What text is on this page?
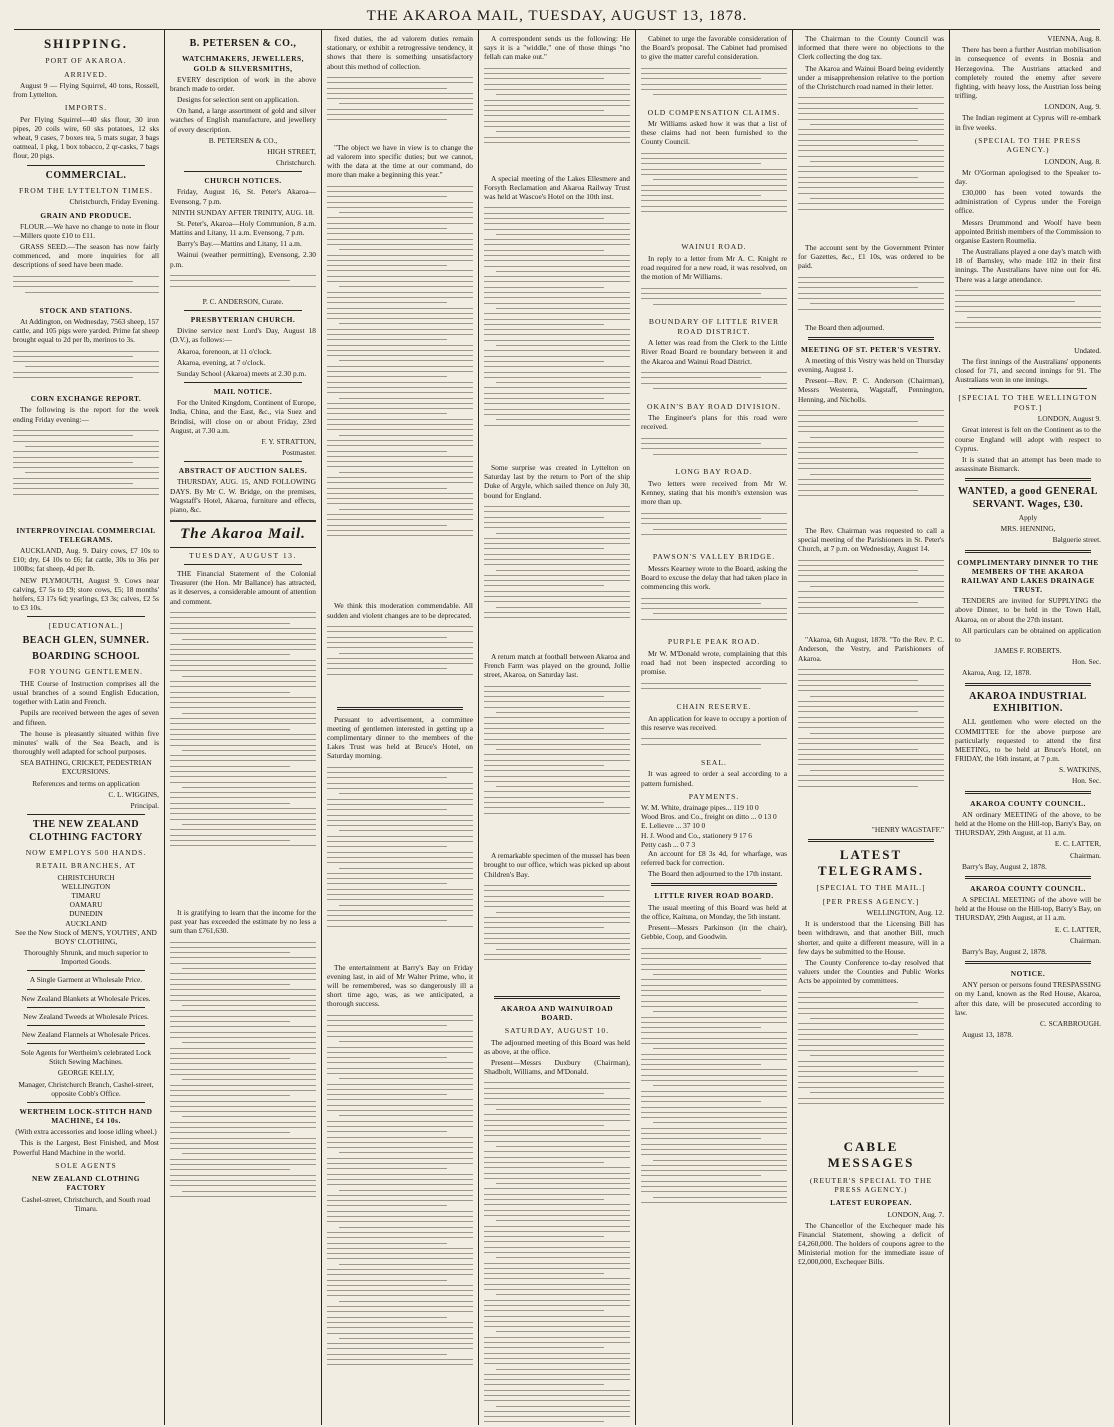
THE AKAROA MAIL, TUESDAY, AUGUST 13, 1878.
SHIPPING.
PORT OF AKAROA.
ARRIVED.

August 9 — Flying Squirrel, 40 tons, Rossell, from Lyttelton.

IMPORTS.

Per Flying Squirrel—40 sks flour, 30 iron pipes, 20 coils wire, 60 sks potatoes, 12 sks wheat, 9 cases, 7 boxes tea, 5 mats sugar, 3 bags oatmeal, 1 pkg, 1 box tobacco, 2 qr-casks, 7 bags flour, 20 pigs.

COMMERCIAL.
FROM THE LYTTELTON TIMES.

Christchurch, Friday Evening.

GRAIN AND PRODUCE.

FLOUR.—We have no change to note in flour—Millers quote £10 to £11.

GRASS SEED.—The season has now fairly commenced, and more inquiries for all descriptions of seed have been made.

STOCK AND STATIONS.

At Addington, on Wednesday, 7563 sheep, 157 cattle, and 105 pigs were yarded. Prime fat sheep brought equal to 2d per lb, merinos to 3s.

CORN EXCHANGE REPORT.

The following is the report for the week ending Friday evening:—

INTERPROVINCIAL COMMERCIAL TELEGRAMS.

AUCKLAND, Aug. 9. Dairy cows, £7 10s to £10; dry, £4 10s to £6; fat cattle, 30s to 36s per 100lbs; fat sheep, 4d per lb.

NEW PLYMOUTH, August 9. Cows near calving, £7 5s to £9; store cows, £5; 18 months' heifers, £3 17s 6d; yearlings, £3 3s; calves, £2 5s to £3 10s.

[EDUCATIONAL.]
BEACH GLEN, SUMNER.
BOARDING SCHOOL
FOR YOUNG GENTLEMEN.

THE Course of Instruction comprises all the usual branches of a sound English Education, together with Latin and French.

Pupils are received between the ages of seven and fifteen.

The house is pleasantly situated within five minutes' walk of the Sea Beach, and is thoroughly well adapted for school purposes.

SEA BATHING, CRICKET, PEDESTRIAN EXCURSIONS.

References and terms on application

C. L. WIGGINS,

Principal.

THE NEW ZEALAND CLOTHING FACTORY
NOW EMPLOYS 500 HANDS.
RETAIL BRANCHES, AT
CHRISTCHURCH
WELLINGTON
TIMARU
OAMARU
DUNEDIN
AUCKLAND

See the New Stock of MEN'S, YOUTHS', AND BOYS' CLOTHING,

Thoroughly Shrunk, and much superior to Imported Goods.

A Single Garment at Wholesale Price.

New Zealand Blankets at Wholesale Prices.

New Zealand Tweeds at Wholesale Prices.

New Zealand Flannels at Wholesale Prices.

Sole Agents for Wertheim's celebrated Lock Stitch Sewing Machines.

GEORGE KELLY,

Manager, Christchurch Branch, Cashel-street, opposite Cobb's Office.

WERTHEIM LOCK-STITCH HAND MACHINE, £4 10s.

(With extra accessories and loose idling wheel.)

This is the Largest, Best Finished, and Most Powerful Hand Machine in the world.

SOLE AGENTS
NEW ZEALAND CLOTHING FACTORY

Cashel-street, Christchurch, and South road Timaru.

B. PETERSEN & CO.,
WATCHMAKERS, JEWELLERS, GOLD & SILVERSMITHS,

EVERY description of work in the above branch made to order.

Designs for selection sent on application.

On hand, a large assortment of gold and silver watches of English manufacture, and jewellery of every description.

B. PETERSEN & CO.,

HIGH STREET,

Christchurch.

CHURCH NOTICES.

Friday, August 16, St. Peter's Akaroa—Evensong, 7 p.m.

NINTH SUNDAY AFTER TRINITY, AUG. 18.

St. Peter's, Akaroa—Holy Communion, 8 a.m. Mattins and Litany, 11 a.m. Evensong, 7 p.m.

Barry's Bay.—Mattins and Litany, 11 a.m.

Wainui (weather permitting), Evensong, 2.30 p.m.

P. C. ANDERSON, Curate.

PRESBYTERIAN CHURCH.

Divine service next Lord's Day, August 18 (D.V.), as follows:—

Akaroa, forenoon, at 11 o'clock.

Akaroa, evening, at 7 o'clock.

Sunday School (Akaroa) meets at 2.30 p.m.

MAIL NOTICE.

For the United Kingdom, Continent of Europe, India, China, and the East, &c., via Suez and Brindisi, will close on or about Friday, 23rd August, at 7.30 a.m.

F. Y. STRATTON,

Postmaster.

ABSTRACT OF AUCTION SALES.

THURSDAY, AUG. 15, AND FOLLOWING DAYS. By Mr C. W. Bridge, on the premises, Wagstaff's Hotel, Akaroa, furniture and effects, piano, &c.

The Akaroa Mail.
TUESDAY, AUGUST 13.

THE Financial Statement of the Colonial Treasurer (the Hon. Mr Ballance) has attracted, as it deserves, a considerable amount of attention and comment.

It is gratifying to learn that the income for the past year has exceeded the estimate by no less a sum than £761,630.

fixed duties, the ad valorem duties remain stationary, or exhibit a retrogressive tendency, it shows that there is something unsatisfactory about this method of collection.

"The object we have in view is to change the ad valorem into specific duties; but we cannot, with the data at the time at our command, do more than make a beginning this year."

We think this moderation commendable. All sudden and violent changes are to be deprecated.

Pursuant to advertisement, a committee meeting of gentlemen interested in getting up a complimentary dinner to the members of the Lakes Trust was held at Bruce's Hotel, on Saturday morning.

The entertainment at Barry's Bay on Friday evening last, in aid of Mr Walter Prime, who, it will be remembered, was so dangerously ill a short time ago, was, as we anticipated, a thorough success.

A correspondent sends us the following: He says it is a "widdle," one of those things "no fellah can make out."

A special meeting of the Lakes Ellesmere and Forsyth Reclamation and Akaroa Railway Trust was held at Wascoe's Hotel on the 10th inst.

Some surprise was created in Lyttelton on Saturday last by the return to Port of the ship Duke of Argyle, which sailed thence on July 30, bound for England.

A return match at football between Akaroa and French Farm was played on the ground, Jollie street, Akaroa, on Saturday last.

A remarkable specimen of the mussel has been brought to our office, which was picked up about Children's Bay.

AKAROA AND WAINUIROAD BOARD.
SATURDAY, AUGUST 10.

The adjourned meeting of this Board was held as above, at the office.

Present—Messrs Duxbury (Chairman), Shadbolt, Williams, and M'Donald.

Cabinet to urge the favorable consideration of the Board's proposal. The Cabinet had promised to give the matter careful consideration.

OLD COMPENSATION CLAIMS.

Mr Williams asked how it was that a list of these claims had not been furnished to the County Council.

WAINUI ROAD.

In reply to a letter from Mr A. C. Knight re road required for a new road, it was resolved, on the motion of Mr Williams.

BOUNDARY OF LITTLE RIVER ROAD DISTRICT.

A letter was read from the Clerk to the Little River Road Board re boundary between it and the Akaroa and Wainui Road District.

OKAIN'S BAY ROAD DIVISION.

The Engineer's plans for this road were received.

LONG BAY ROAD.

Two letters were received from Mr W. Kenney, stating that his month's extension was more than up.

PAWSON'S VALLEY BRIDGE.

Messrs Kearney wrote to the Board, asking the Board to excuse the delay that had taken place in commencing this work.

PURPLE PEAK ROAD.

Mr W. M'Donald wrote, complaining that this road had not been inspected according to promise.

CHAIN RESERVE.

An application for leave to occupy a portion of this reserve was received.

SEAL.

It was agreed to order a seal according to a pattern furnished.

PAYMENTS.
W. M. White, drainage pipes... 119 10 0
Wood Bros. and Co., freight on ditto ... 0 13 0
E. Lelievre ... 37 10 0
H. J. Wood and Co., stationery 9 17 6
Petty cash ... 0 7 3

An account for £8 3s 4d, for wharfage, was referred back for correction.

The Board then adjourned to the 17th instant.

LITTLE RIVER ROAD BOARD.

The usual meeting of this Board was held at the office, Kaituna, on Monday, the 5th instant.

Present—Messrs Parkinson (in the chair), Gebbie, Coop, and Goodwin.

The Chairman to the County Council was informed that there were no objections to the Clerk collecting the dog tax.

The Akaroa and Wainui Board being evidently under a misapprehension relative to the portion of the Christchurch road named in their letter.

The account sent by the Government Printer for Gazettes, &c., £1 10s, was ordered to be paid.

The Board then adjourned.

MEETING OF ST. PETER'S VESTRY.

A meeting of this Vestry was held on Thursday evening, August 1.

Present—Rev. P. C. Anderson (Chairman), Messrs Westenra, Wagstaff, Pennington, Henning, and Nicholls.

The Rev. Chairman was requested to call a special meeting of the Parishioners in St. Peter's Church, at 7 p.m. on Wednesday, August 14.

"Akaroa, 6th August, 1878. "To the Rev. P. C. Anderson, the Vestry, and Parishioners of Akaroa.

"HENRY WAGSTAFF."

LATEST TELEGRAMS.
[SPECIAL TO THE MAIL.]
[PER PRESS AGENCY.]

WELLINGTON, Aug. 12.

It is understood that the Licensing Bill has been withdrawn, and that another Bill, much shorter, and quite a different measure, will in a few days be submitted to the House.

The County Conference to-day resolved that valuers under the Counties and Public Works Acts be appointed by committees.

CABLE MESSAGES
(REUTER'S SPECIAL TO THE PRESS AGENCY.)
LATEST EUROPEAN.

LONDON, Aug. 7.

The Chancellor of the Exchequer made his Financial Statement, showing a deficit of £4,260,000. The holders of coupons agree to the Ministerial motion for the immediate issue of £2,000,000, Exchequer Bills.

VIENNA, Aug. 8.

There has been a further Austrian mobilisation in consequence of events in Bosnia and Herzegovina. The Austrians attacked and completely routed the enemy after severe fighting, with heavy loss, the Austrian loss being trifling.

LONDON, Aug. 9.

The Indian regiment at Cyprus will re-embark in five weeks.

(SPECIAL TO THE PRESS AGENCY.)

LONDON, Aug. 8.

Mr O'Gorman apologised to the Speaker to-day.

£30,000 has been voted towards the administration of Cyprus under the Foreign office.

Messrs Drummond and Woolf have been appointed British members of the Commission to organise Eastern Roumelia.

The Australians played a one day's match with 18 of Barnsley, who made 102 in their first innings. The Australians have nine out for 46. There was a large attendance.

Undated.

The first innings of the Australians' opponents closed for 71, and second innings for 91. The Australians won in one innings.

[SPECIAL TO THE WELLINGTON POST.]

LONDON, August 9.

Great interest is felt on the Continent as to the course England will adopt with respect to Cyprus.

It is stated that an attempt has been made to assassinate Bismarck.

WANTED, a good GENERAL SERVANT. Wages, £30.

Apply

MRS. HENNING,

Balguerie street.

COMPLIMENTARY DINNER TO THE MEMBERS OF THE AKAROA RAILWAY AND LAKES DRAINAGE TRUST.

TENDERS are invited for SUPPLYING the above Dinner, to be held in the Town Hall, Akaroa, on or about the 27th instant.

All particulars can be obtained on application to

JAMES F. ROBERTS.

Hon. Sec.

Akaroa, Aug. 12, 1878.

AKAROA INDUSTRIAL EXHIBITION.

ALL gentlemen who were elected on the COMMITTEE for the above purpose are particularly requested to attend the first MEETING, to be held at Bruce's Hotel, on FRIDAY, the 16th instant, at 7 p.m.

S. WATKINS,

Hon. Sec.

AKAROA COUNTY COUNCIL.

AN ordinary MEETING of the above, to be held at the Home on the Hill-top, Barry's Bay, on THURSDAY, 29th August, at 11 a.m.

E. C. LATTER,

Chairman.

Barry's Bay, August 2, 1878.

AKAROA COUNTY COUNCIL.

A SPECIAL MEETING of the above will be held at the House on the Hill-top, Barry's Bay, on THURSDAY, 29th August, at 11 a.m.

E. C. LATTER,

Chairman.

Barry's Bay, August 2, 1878.

NOTICE.

ANY person or persons found TRESPASSING on my Land, known as the Red House, Akaroa, after this date, will be prosecuted according to law.

C. SCARBROUGH.

August 13, 1878.
